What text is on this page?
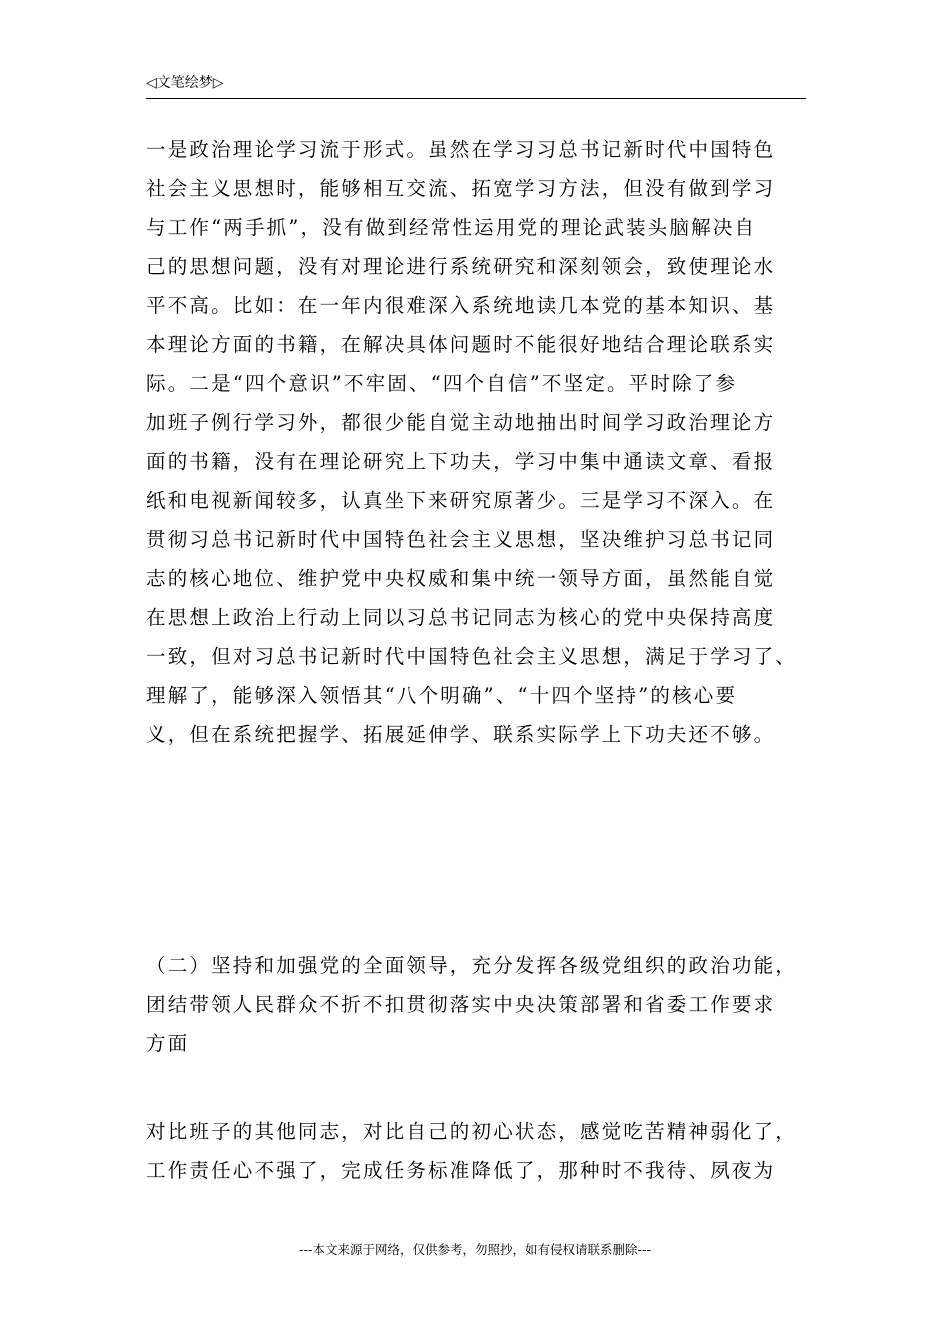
◁文笔绘梦▷
一是政治理论学习流于形式。虽然在学习习总书记新时代中国特色
社会主义思想时，能够相互交流、拓宽学习方法，但没有做到学习
与工作“两手抓”，没有做到经常性运用党的理论武装头脑解决自
己的思想问题，没有对理论进行系统研究和深刻领会，致使理论水
平不高。比如：在一年内很难深入系统地读几本党的基本知识、基
本理论方面的书籍，在解决具体问题时不能很好地结合理论联系实
际。二是“四个意识”不牢固、“四个自信”不坚定。平时除了参
加班子例行学习外，都很少能自觉主动地抽出时间学习政治理论方
面的书籍，没有在理论研究上下功夫，学习中集中通读文章、看报
纸和电视新闻较多，认真坐下来研究原著少。三是学习不深入。在
贯彻习总书记新时代中国特色社会主义思想，坚决维护习总书记同
志的核心地位、维护党中央权威和集中统一领导方面，虽然能自觉
在思想上政治上行动上同以习总书记同志为核心的党中央保持高度
一致，但对习总书记新时代中国特色社会主义思想，满足于学习了、
理解了，能够深入领悟其“八个明确”、“十四个坚持”的核心要
义，但在系统把握学、拓展延伸学、联系实际学上下功夫还不够。
（二）坚持和加强党的全面领导，充分发挥各级党组织的政治功能，
团结带领人民群众不折不扣贯彻落实中央决策部署和省委工作要求
方面
对比班子的其他同志，对比自己的初心状态，感觉吃苦精神弱化了，
工作责任心不强了，完成任务标准降低了，那种时不我待、夙夜为
---本文来源于网络，仅供参考，勿照抄，如有侵权请联系删除---
